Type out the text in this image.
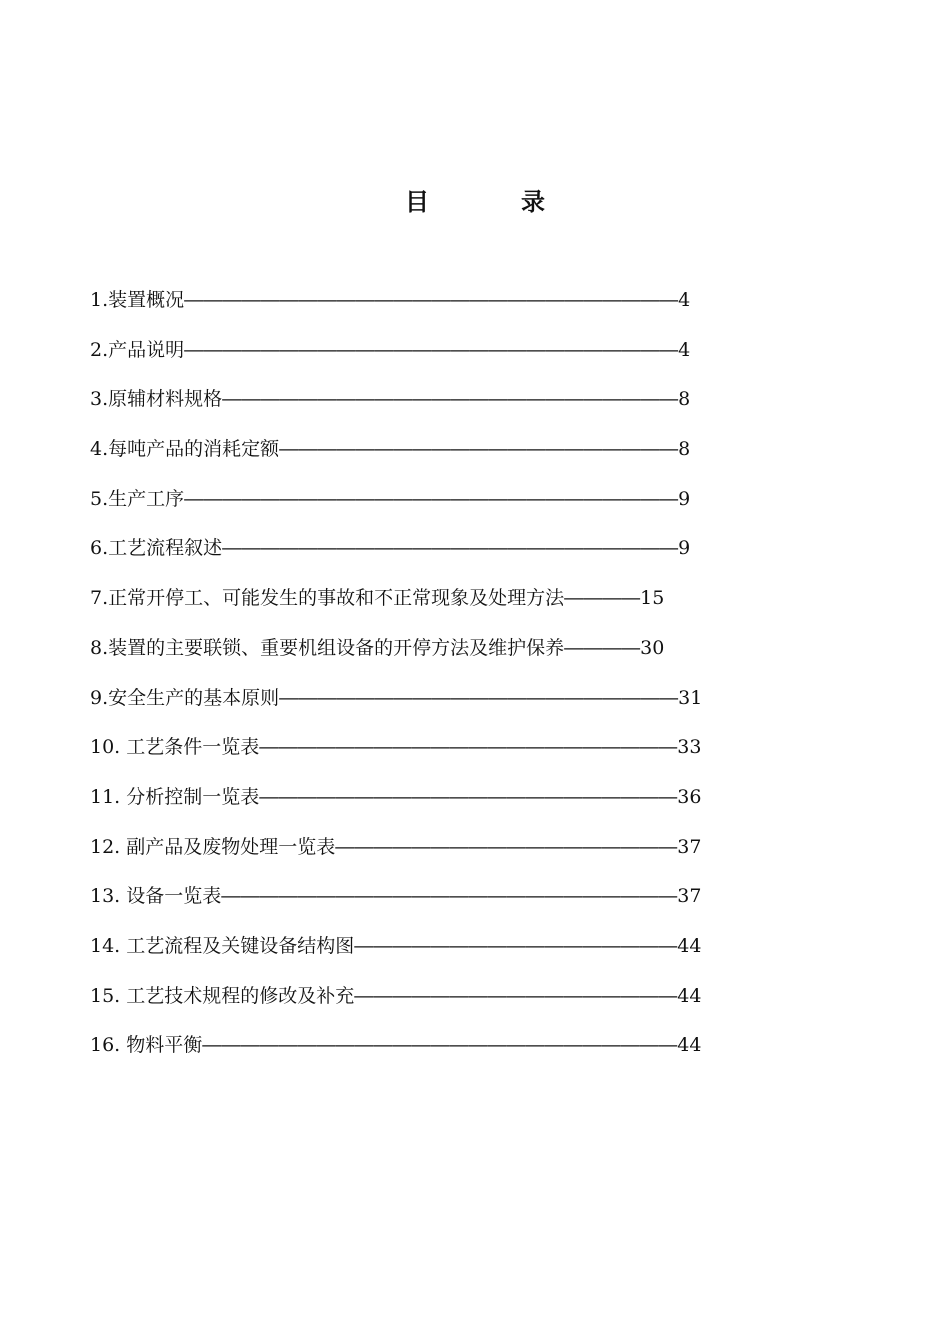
目	录
1.装置概况――――――――――――――――――――――――――4
2.产品说明――――――――――――――――――――――――――4
3.原辅材料规格――――――――――――――――――――――――8
4.每吨产品的消耗定额―――――――――――――――――――――8
5.生产工序――――――――――――――――――――――――――9
6.工艺流程叙述――――――――――――――――――――――――9
7.正常开停工、可能发生的事故和不正常现象及处理方法――――15
8.装置的主要联锁、重要机组设备的开停方法及维护保养――――30
9.安全生产的基本原则―――――――――――――――――――――31
10. 工艺条件一览表――――――――――――――――――――――33
11. 分析控制一览表――――――――――――――――――――――36
12. 副产品及废物处理一览表――――――――――――――――――37
13. 设备一览表――――――――――――――――――――――――37
14. 工艺流程及关键设备结构图―――――――――――――――――44
15. 工艺技术规程的修改及补充―――――――――――――――――44
16. 物料平衡―――――――――――――――――――――――――44
